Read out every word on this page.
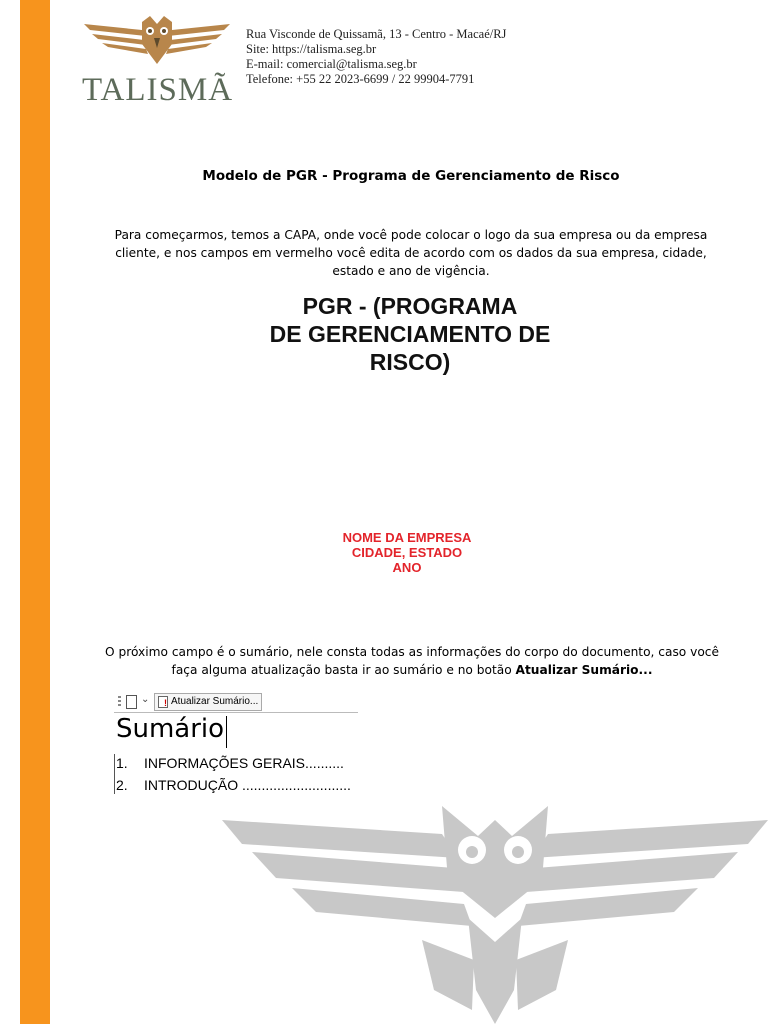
TALISMÃ
Rua Visconde de Quissamã, 13 - Centro - Macaé/RJ
Site: https://talisma.seg.br
E-mail: comercial@talisma.seg.br
Telefone: +55 22 2023-6699 / 22 99904-7791
Modelo de PGR - Programa de Gerenciamento de Risco
Para começarmos, temos a CAPA, onde você pode colocar o logo da sua empresa ou da empresa cliente, e nos campos em vermelho você edita de acordo com os dados da sua empresa, cidade, estado e ano de vigência.
PGR - (PROGRAMA
DE GERENCIAMENTO DE
RISCO)
NOME DA EMPRESA
CIDADE, ESTADO
ANO
O próximo campo é o sumário, nele consta todas as informações do corpo do documento, caso você faça alguma atualização basta ir ao sumário e no botão Atualizar Sumário...
⌄
!	Atualizar Sumário...
Sumário
1. INFORMAÇÕES GERAIS..........
2. INTRODUÇÃO ............................
